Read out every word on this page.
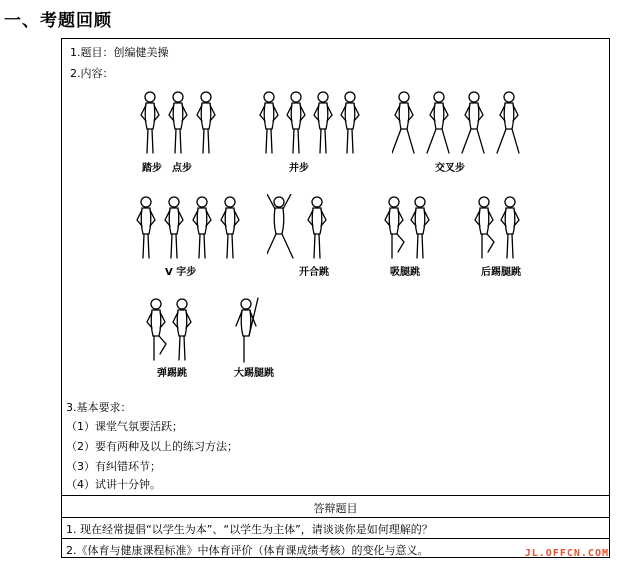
一、考题回顾
1.题目：创编健美操
2.内容：
踏步　点步	并步	交叉步
V 字步	开合跳	吸腿跳	后踢腿跳
弹踢跳	大踢腿跳
3.基本要求：
（1）课堂气氛要活跃；
（2）要有两种及以上的练习方法；
（3）有纠错环节；
（4）试讲十分钟。
答辩题目
1. 现在经常提倡“以学生为本”、“以学生为主体”，请谈谈你是如何理解的？
2.《体育与健康课程标准》中体育评价（体育课成绩考核）的变化与意义。	JL.OFFCN.COM
